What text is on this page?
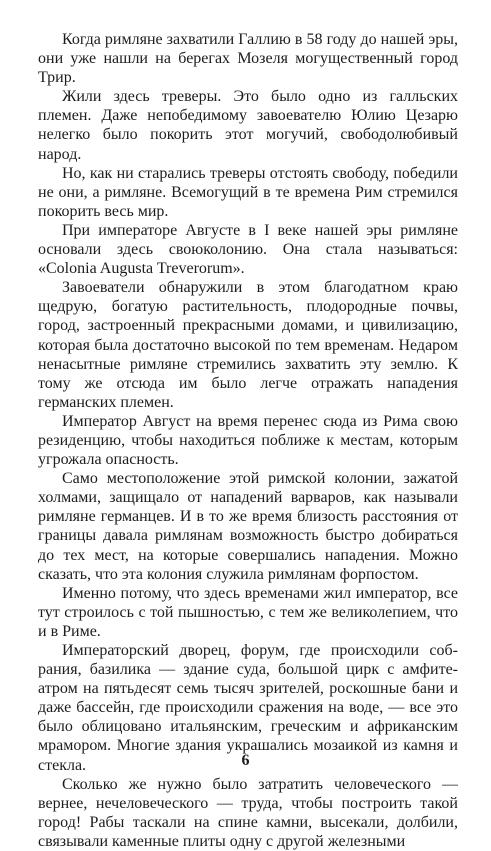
Когда римляне захватили Галлию в 58 году до нашей эры, они уже нашли на берегах Мозеля могущественный город Трир.

Жили здесь треверы. Это было одно из галльских племен. Даже непобедимому завоевателю Юлию Цезарю нелегко было покорить этот могучий, свободолюбивый народ.

Но, как ни старались треверы отстоять свободу, победили не они, а римляне. Всемогущий в те времена Рим стремился покорить весь мир.

При императоре Августе в I веке нашей эры римляне основали здесь своюколонию. Она стала называться: «Colonia Augusta Treverorum».

Завоеватели обнаружили в этом благодатном краю щедрую, богатую растительность, плодородные почвы, город, застроенный прекрасными домами, и цивилизацию, которая была достаточно высокой по тем временам. Недаром ненасытные римляне стремились захватить эту землю. К тому же отсюда им было легче отражать нападения германских племен.

Император Август на время перенес сюда из Рима свою резиденцию, чтобы находиться поближе к местам, которым угрожала опасность.

Само местоположение этой римской колонии, зажатой холмами, защищало от нападений варваров, как называли римляне германцев. И в то же время близость расстояния от границы давала римлянам возможность быстро добираться до тех мест, на которые совершались нападения. Можно сказать, что эта колония служила римлянам форпостом.

Именно потому, что здесь временами жил император, все тут строилось с той пышностью, с тем же великолепием, что и в Риме.

Императорский дворец, форум, где происходили собрания, базилика — здание суда, большой цирк с амфитеатром на пятьдесят семь тысяч зрителей, роскошные бани и даже бассейн, где происходили сражения на воде, — все это было облицовано итальянским, греческим и африканским мрамором. Многие здания украшались мозаикой из камня и стекла.

Сколько же нужно было затратить человеческого — вернее, нечеловеческого — труда, чтобы построить такой город! Рабы таскали на спине камни, высекали, долбили, связывали каменные плиты одну с другой железными

6
